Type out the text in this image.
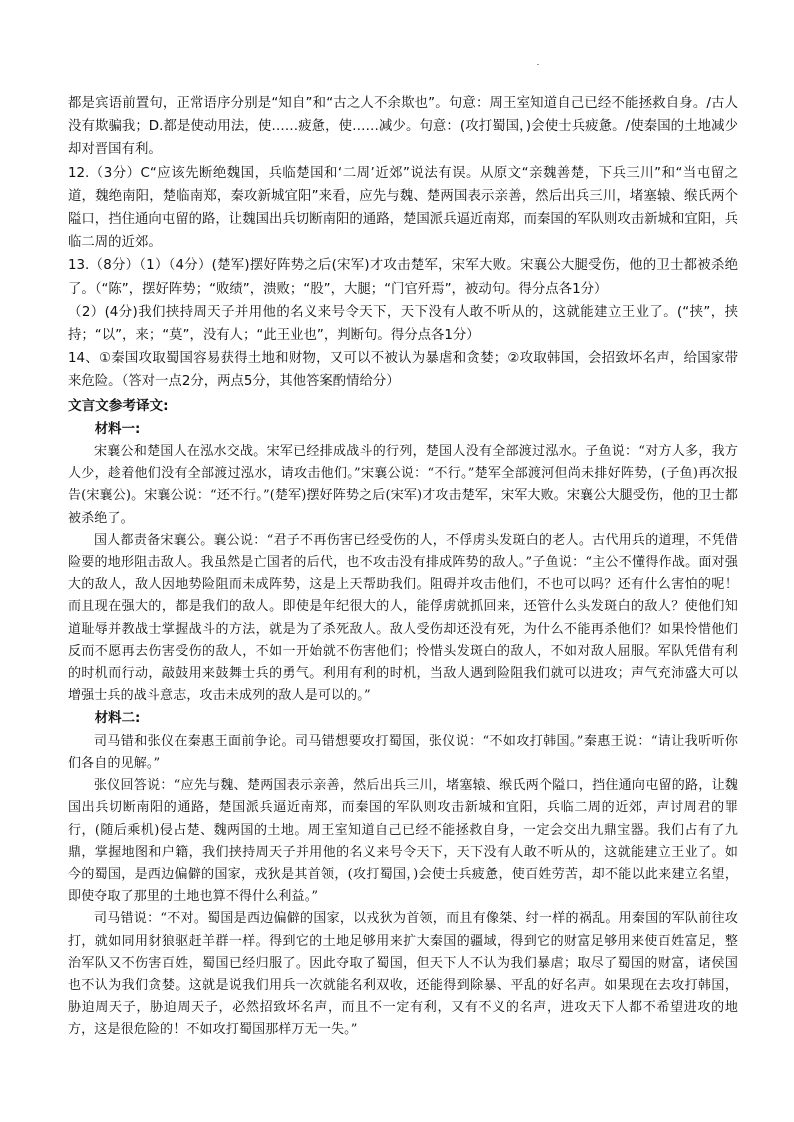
都是宾语前置句，正常语序分别是“知自”和“古之人不余欺也”。句意：周王室知道自己已经不能拯救自身。/古人没有欺骗我；D.都是使动用法，使……疲惫，使……减少。句意：(攻打蜀国，)会使士兵疲惫。/使秦国的土地减少却对晋国有利。

12.（3分）C“应该先断绝魏国，兵临楚国和‘二周’近郊”说法有误。从原文“亲魏善楚，下兵三川”和“当屯留之道，魏绝南阳，楚临南郑，秦攻新城宜阳”来看，应先与魏、楚两国表示亲善，然后出兵三川，堵塞辕、缑氏两个隘口，挡住通向屯留的路，让魏国出兵切断南阳的通路，楚国派兵逼近南郑，而秦国的军队则攻击新城和宜阳，兵临二周的近郊。

13.（8分）（1）（4分）(楚军)摆好阵势之后(宋军)才攻击楚军，宋军大败。宋襄公大腿受伤，他的卫士都被杀绝了。（“陈”，摆好阵势；“败绩”，溃败；“股”，大腿；“门官歼焉”，被动句。得分点各1分）

（2）(4分)我们挟持周天子并用他的名义来号令天下，天下没有人敢不听从的，这就能建立王业了。(“挟”，挟持；“以”，来；“莫”，没有人；“此王业也”，判断句。得分点各1分）

14、①秦国攻取蜀国容易获得土地和财物，又可以不被认为暴虐和贪婪；②攻取韩国，会招致坏名声，给国家带来危险。（答对一点2分，两点5分，其他答案酌情给分）

文言文参考译文:

材料一:

宋襄公和楚国人在泓水交战。宋军已经排成战斗的行列，楚国人没有全部渡过泓水。子鱼说：“对方人多，我方人少，趁着他们没有全部渡过泓水，请攻击他们。”宋襄公说：“不行。”楚军全部渡河但尚未排好阵势，(子鱼)再次报告(宋襄公)。宋襄公说：“还不行。”(楚军)摆好阵势之后(宋军)才攻击楚军，宋军大败。宋襄公大腿受伤，他的卫士都被杀绝了。

国人都责备宋襄公。襄公说：“君子不再伤害已经受伤的人，不俘虏头发斑白的老人。古代用兵的道理，不凭借险要的地形阻击敌人。我虽然是亡国者的后代，也不攻击没有排成阵势的敌人。”子鱼说：“主公不懂得作战。面对强大的敌人，敌人因地势险阻而未成阵势，这是上天帮助我们。阻碍并攻击他们，不也可以吗？还有什么害怕的呢！而且现在强大的，都是我们的敌人。即使是年纪很大的人，能俘虏就抓回来，还管什么头发斑白的敌人？使他们知道耻辱并教战士掌握战斗的方法，就是为了杀死敌人。敌人受伤却还没有死，为什么不能再杀他们？如果怜惜他们反而不愿再去伤害受伤的敌人，不如一开始就不伤害他们；怜惜头发斑白的敌人，不如对敌人屈服。军队凭借有利的时机而行动，敲鼓用来鼓舞士兵的勇气。利用有利的时机，当敌人遇到险阻我们就可以进攻；声气充沛盛大可以增强士兵的战斗意志，攻击未成列的敌人是可以的。”

材料二:

司马错和张仪在秦惠王面前争论。司马错想要攻打蜀国，张仪说：“不如攻打韩国。”秦惠王说：“请让我听听你们各自的见解。”

张仪回答说：“应先与魏、楚两国表示亲善，然后出兵三川，堵塞辕、缑氏两个隘口，挡住通向屯留的路，让魏国出兵切断南阳的通路，楚国派兵逼近南郑，而秦国的军队则攻击新城和宜阳，兵临二周的近郊，声讨周君的罪行，(随后乘机)侵占楚、魏两国的土地。周王室知道自己已经不能拯救自身，一定会交出九鼎宝器。我们占有了九鼎，掌握地图和户籍，我们挟持周天子并用他的名义来号令天下，天下没有人敢不听从的，这就能建立王业了。如今的蜀国，是西边偏僻的国家，戎狄是其首领，(攻打蜀国，)会使士兵疲惫，使百姓劳苦，却不能以此来建立名望，即使夺取了那里的土地也算不得什么利益。”

司马错说：“不对。蜀国是西边偏僻的国家，以戎狄为首领，而且有像桀、纣一样的祸乱。用秦国的军队前往攻打，就如同用豺狼驱赶羊群一样。得到它的土地足够用来扩大秦国的疆域，得到它的财富足够用来使百姓富足，整治军队又不伤害百姓，蜀国已经归服了。因此夺取了蜀国，但天下人不认为我们暴虐；取尽了蜀国的财富，诸侯国也不认为我们贪婪。这就是说我们用兵一次就能名利双收，还能得到除暴、平乱的好名声。如果现在去攻打韩国，胁迫周天子，胁迫周天子，必然招致坏名声，而且不一定有利，又有不义的名声，进攻天下人都不希望进攻的地方，这是很危险的！不如攻打蜀国那样万无一失。”
